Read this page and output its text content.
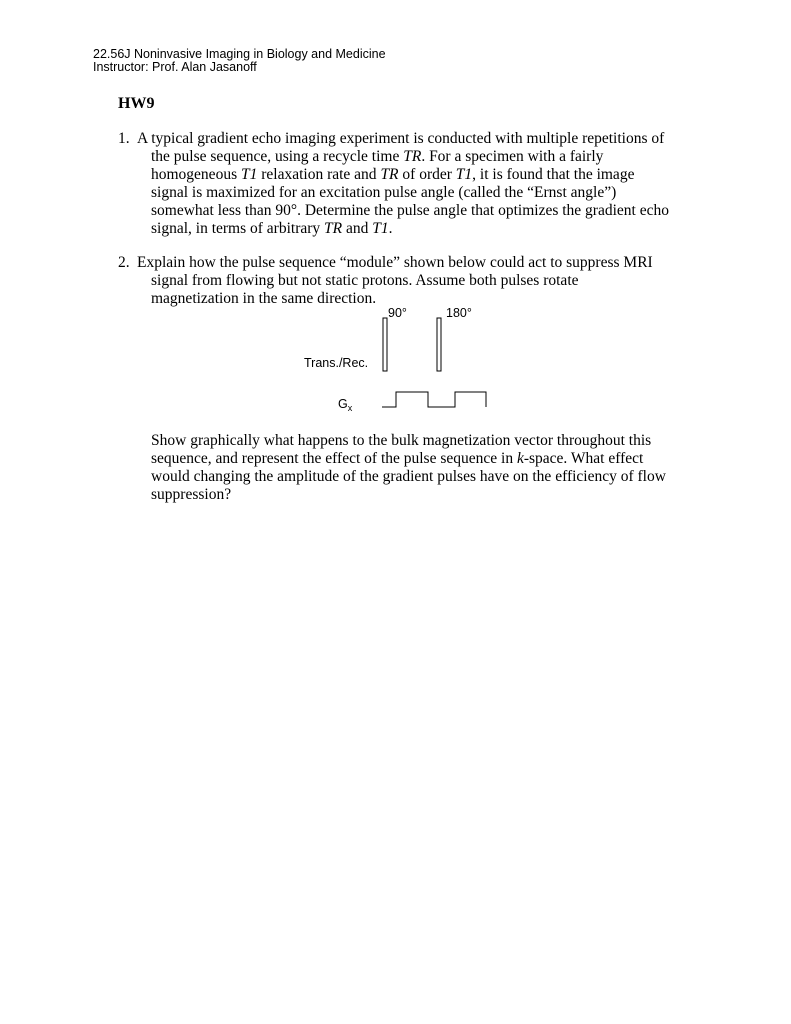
22.56J Noninvasive Imaging in Biology and Medicine
Instructor: Prof. Alan Jasanoff
HW9
1. A typical gradient echo imaging experiment is conducted with multiple repetitions of
the pulse sequence, using a recycle time TR. For a specimen with a fairly
homogeneous T1 relaxation rate and TR of order T1, it is found that the image
signal is maximized for an excitation pulse angle (called the “Ernst angle”)
somewhat less than 90°. Determine the pulse angle that optimizes the gradient echo
signal, in terms of arbitrary TR and T1.
2. Explain how the pulse sequence “module” shown below could act to suppress MRI
signal from flowing but not static protons. Assume both pulses rotate
magnetization in the same direction.
90°	180°
Trans./Rec.
$G_x$
Show graphically what happens to the bulk magnetization vector throughout this
sequence, and represent the effect of the pulse sequence in k-space. What effect
would changing the amplitude of the gradient pulses have on the efficiency of flow
suppression?
